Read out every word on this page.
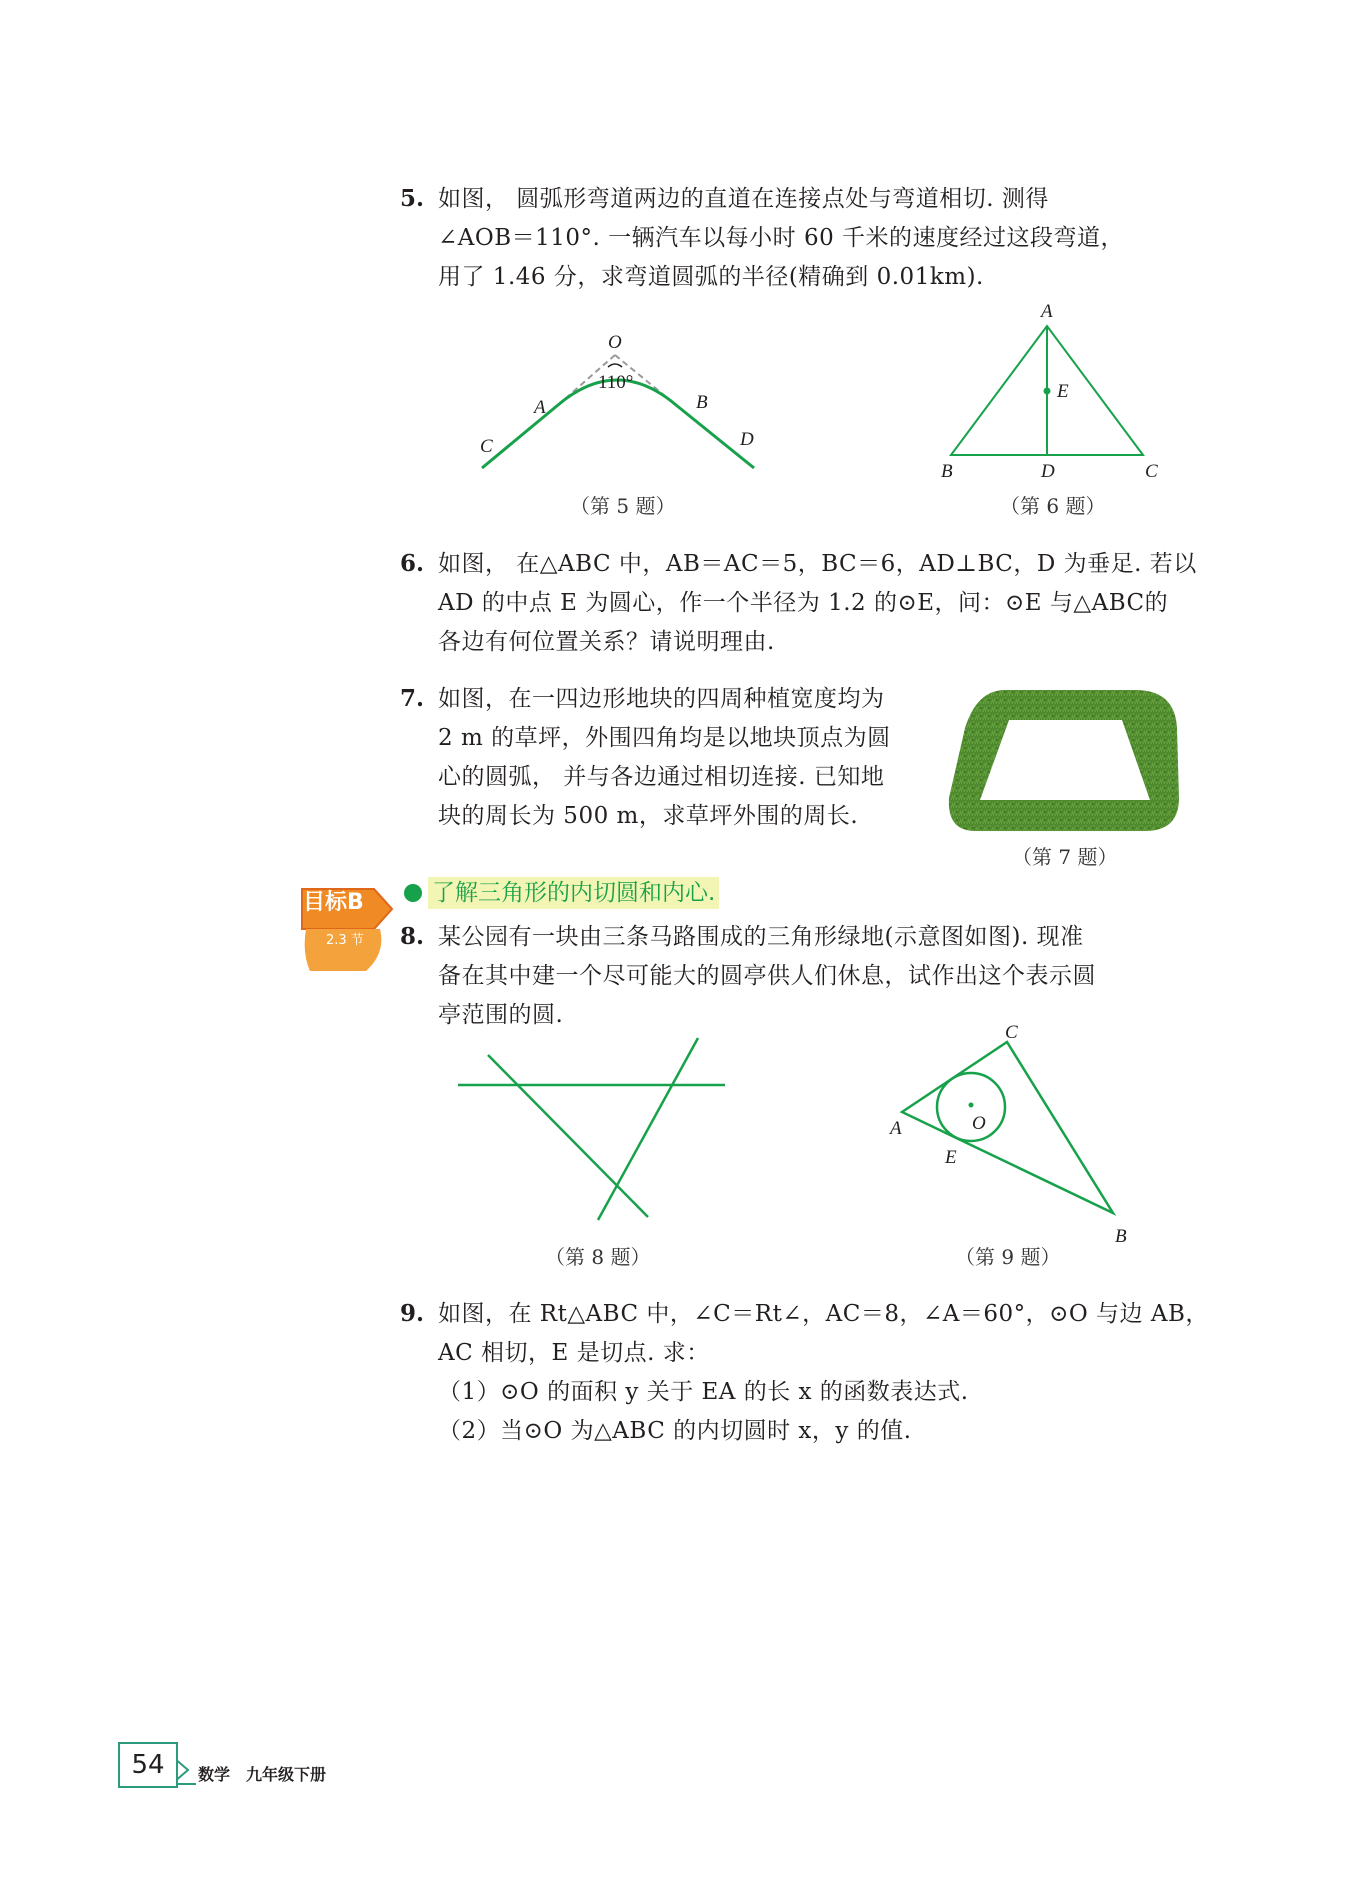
5. 如图， 圆弧形弯道两边的直道在连接点处与弯道相切. 测得
∠AOB＝110°. 一辆汽车以每小时 60 千米的速度经过这段弯道，
用了 1.46 分，求弯道圆弧的半径(精确到 0.01km).
O
110°
A	B
C	D
（第 5 题）
A
E
B	D	C
（第 6 题）
6. 如图， 在△ABC 中，AB＝AC＝5，BC＝6，AD⊥BC，D 为垂足. 若以
AD 的中点 E 为圆心，作一个半径为 1.2 的⊙E，问：⊙E 与△ABC的
各边有何位置关系？请说明理由.
7. 如图，在一四边形地块的四周种植宽度均为
2 m 的草坪，外围四角均是以地块顶点为圆
心的圆弧， 并与各边通过相切连接. 已知地
块的周长为 500 m，求草坪外围的周长.
（第 7 题）
目标B
2.3 节
了解三角形的内切圆和内心.
8. 某公园有一块由三条马路围成的三角形绿地(示意图如图). 现准
备在其中建一个尽可能大的圆亭供人们休息，试作出这个表示圆
亭范围的圆.
（第 8 题）
C
A	O
E
B
（第 9 题）
9. 如图，在 Rt△ABC 中，∠C＝Rt∠，AC＝8，∠A＝60°，⊙O 与边 AB，
AC 相切，E 是切点. 求：
（1）⊙O 的面积 y 关于 EA 的长 x 的函数表达式.
（2）当⊙O 为△ABC 的内切圆时 x，y 的值.
54	数学　九年级下册
